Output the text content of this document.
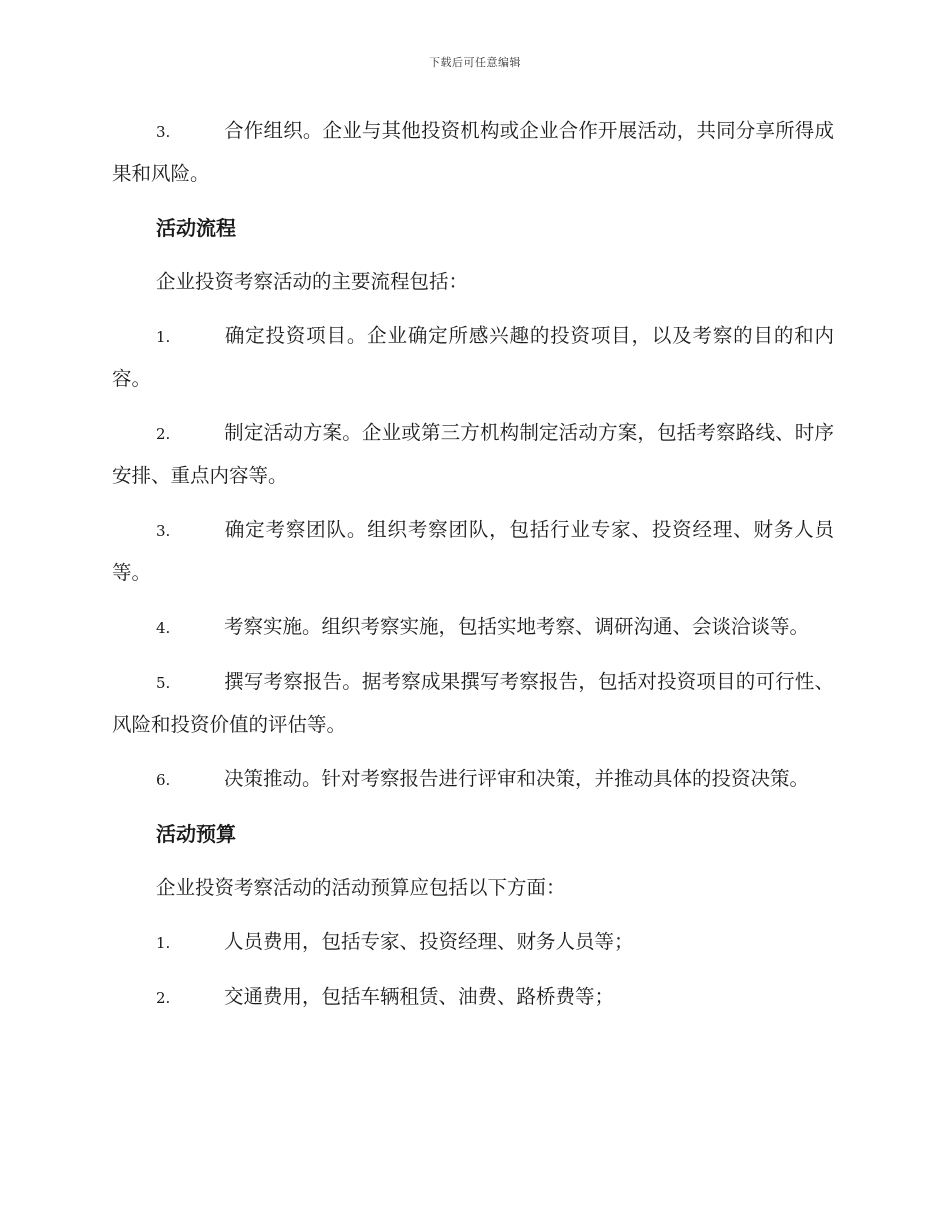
下载后可任意编辑

3.	合作组织。企业与其他投资机构或企业合作开展活动，共同分享所得成果和风险。

活动流程

企业投资考察活动的主要流程包括：

1.	确定投资项目。企业确定所感兴趣的投资项目，以及考察的目的和内容。

2.	制定活动方案。企业或第三方机构制定活动方案，包括考察路线、时序安排、重点内容等。

3.	确定考察团队。组织考察团队，包括行业专家、投资经理、财务人员等。

4.	考察实施。组织考察实施，包括实地考察、调研沟通、会谈洽谈等。

5.	撰写考察报告。据考察成果撰写考察报告，包括对投资项目的可行性、风险和投资价值的评估等。

6.	决策推动。针对考察报告进行评审和决策，并推动具体的投资决策。

活动预算

企业投资考察活动的活动预算应包括以下方面：

1.	人员费用，包括专家、投资经理、财务人员等；

2.	交通费用，包括车辆租赁、油费、路桥费等；
